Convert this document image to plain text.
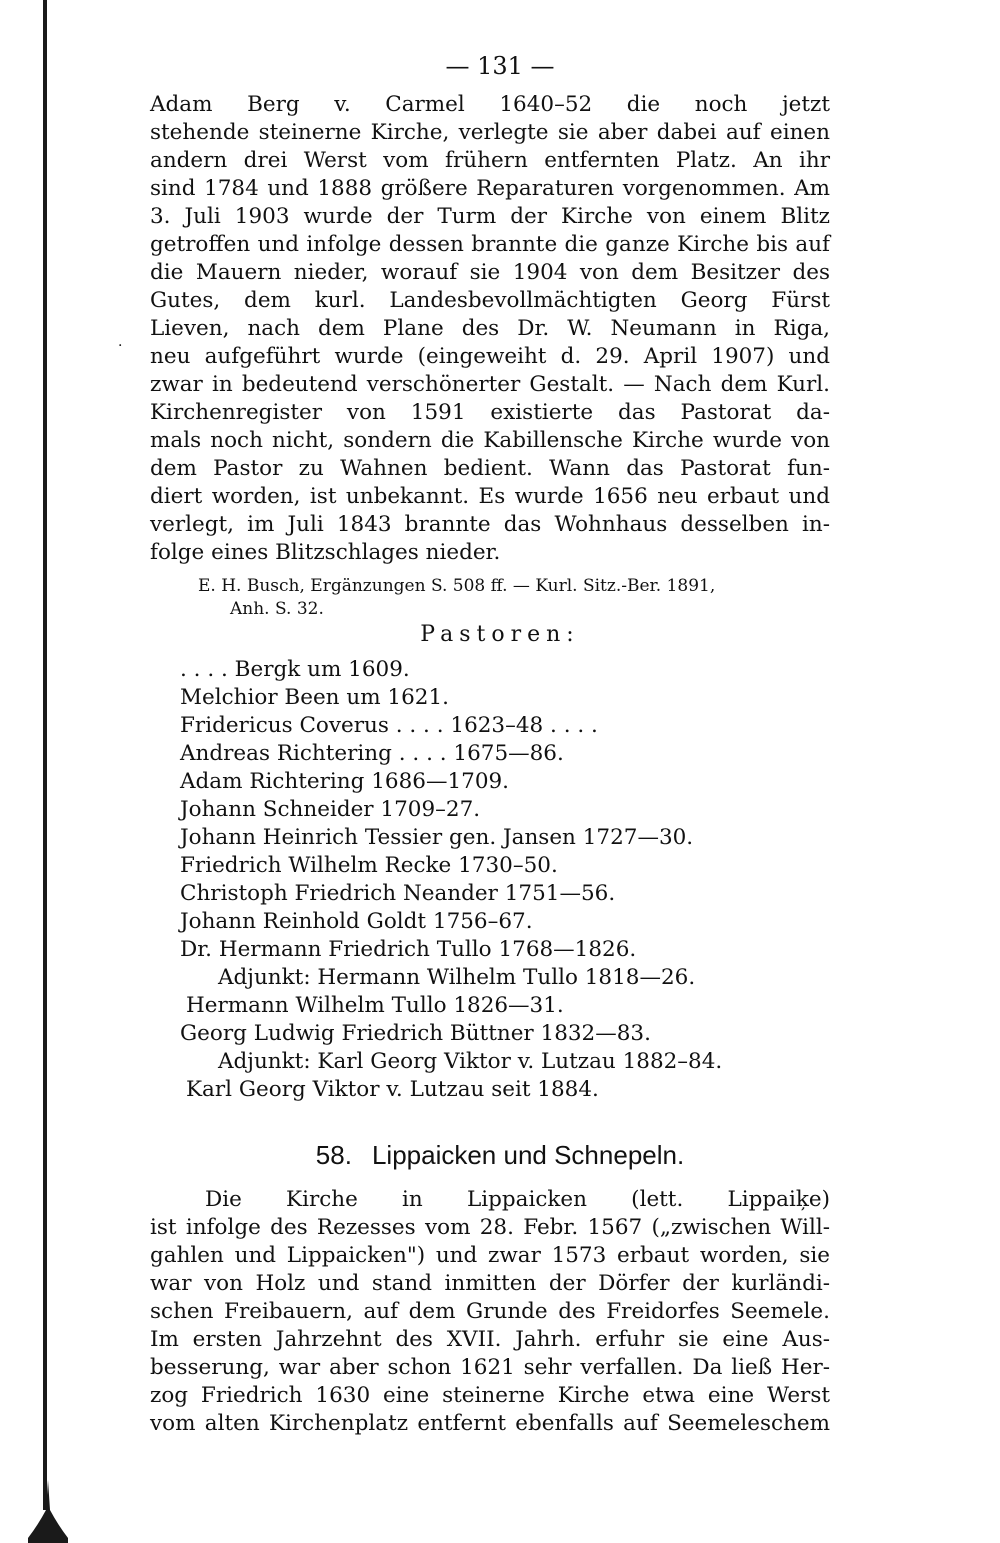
·
— 131 —
Adam Berg v. Carmel 1640–52 die noch jetzt
stehende steinerne Kirche, verlegte sie aber dabei auf einen
andern drei Werst vom frühern entfernten Platz. An ihr
sind 1784 und 1888 größere Reparaturen vorgenommen. Am
3. Juli 1903 wurde der Turm der Kirche von einem Blitz
getroffen und infolge dessen brannte die ganze Kirche bis auf
die Mauern nieder, worauf sie 1904 von dem Besitzer des
Gutes, dem kurl. Landesbevollmächtigten Georg Fürst
Lieven, nach dem Plane des Dr. W. Neumann in Riga,
neu aufgeführt wurde (eingeweiht d. 29. April 1907) und
zwar in bedeutend verschönerter Gestalt. — Nach dem Kurl.
Kirchenregister von 1591 existierte das Pastorat da-
mals noch nicht, sondern die Kabillensche Kirche wurde von
dem Pastor zu Wahnen bedient. Wann das Pastorat fun-
diert worden, ist unbekannt. Es wurde 1656 neu erbaut und
verlegt, im Juli 1843 brannte das Wohnhaus desselben in-
folge eines Blitzschlages nieder.
E. H. Busch, Ergänzungen S. 508 ff. — Kurl. Sitz.-Ber. 1891,
Anh. S. 32.
Pastoren:
. . . . Bergk um 1609.
Melchior Been um 1621.
Fridericus Coverus . . . . 1623–48 . . . .
Andreas Richtering . . . . 1675—86.
Adam Richtering 1686—1709.
Johann Schneider 1709–27.
Johann Heinrich Tessier gen. Jansen 1727—30.
Friedrich Wilhelm Recke 1730–50.
Christoph Friedrich Neander 1751—56.
Johann Reinhold Goldt 1756–67.
Dr. Hermann Friedrich Tullo 1768—1826.
Adjunkt: Hermann Wilhelm Tullo 1818—26.
Hermann Wilhelm Tullo 1826—31.
Georg Ludwig Friedrich Büttner 1832—83.
Adjunkt: Karl Georg Viktor v. Lutzau 1882–84.
Karl Georg Viktor v. Lutzau seit 1884.
58. Lippaicken und Schnepeln.
Die Kirche in Lippaicken (lett. Lippaiķe)
ist infolge des Rezesses vom 28. Febr. 1567 („zwischen Will-
gahlen und Lippaicken") und zwar 1573 erbaut worden, sie
war von Holz und stand inmitten der Dörfer der kurländi-
schen Freibauern, auf dem Grunde des Freidorfes Seemele.
Im ersten Jahrzehnt des XVII. Jahrh. erfuhr sie eine Aus-
besserung, war aber schon 1621 sehr verfallen. Da ließ Her-
zog Friedrich 1630 eine steinerne Kirche etwa eine Werst
vom alten Kirchenplatz entfernt ebenfalls auf Seemeleschem
